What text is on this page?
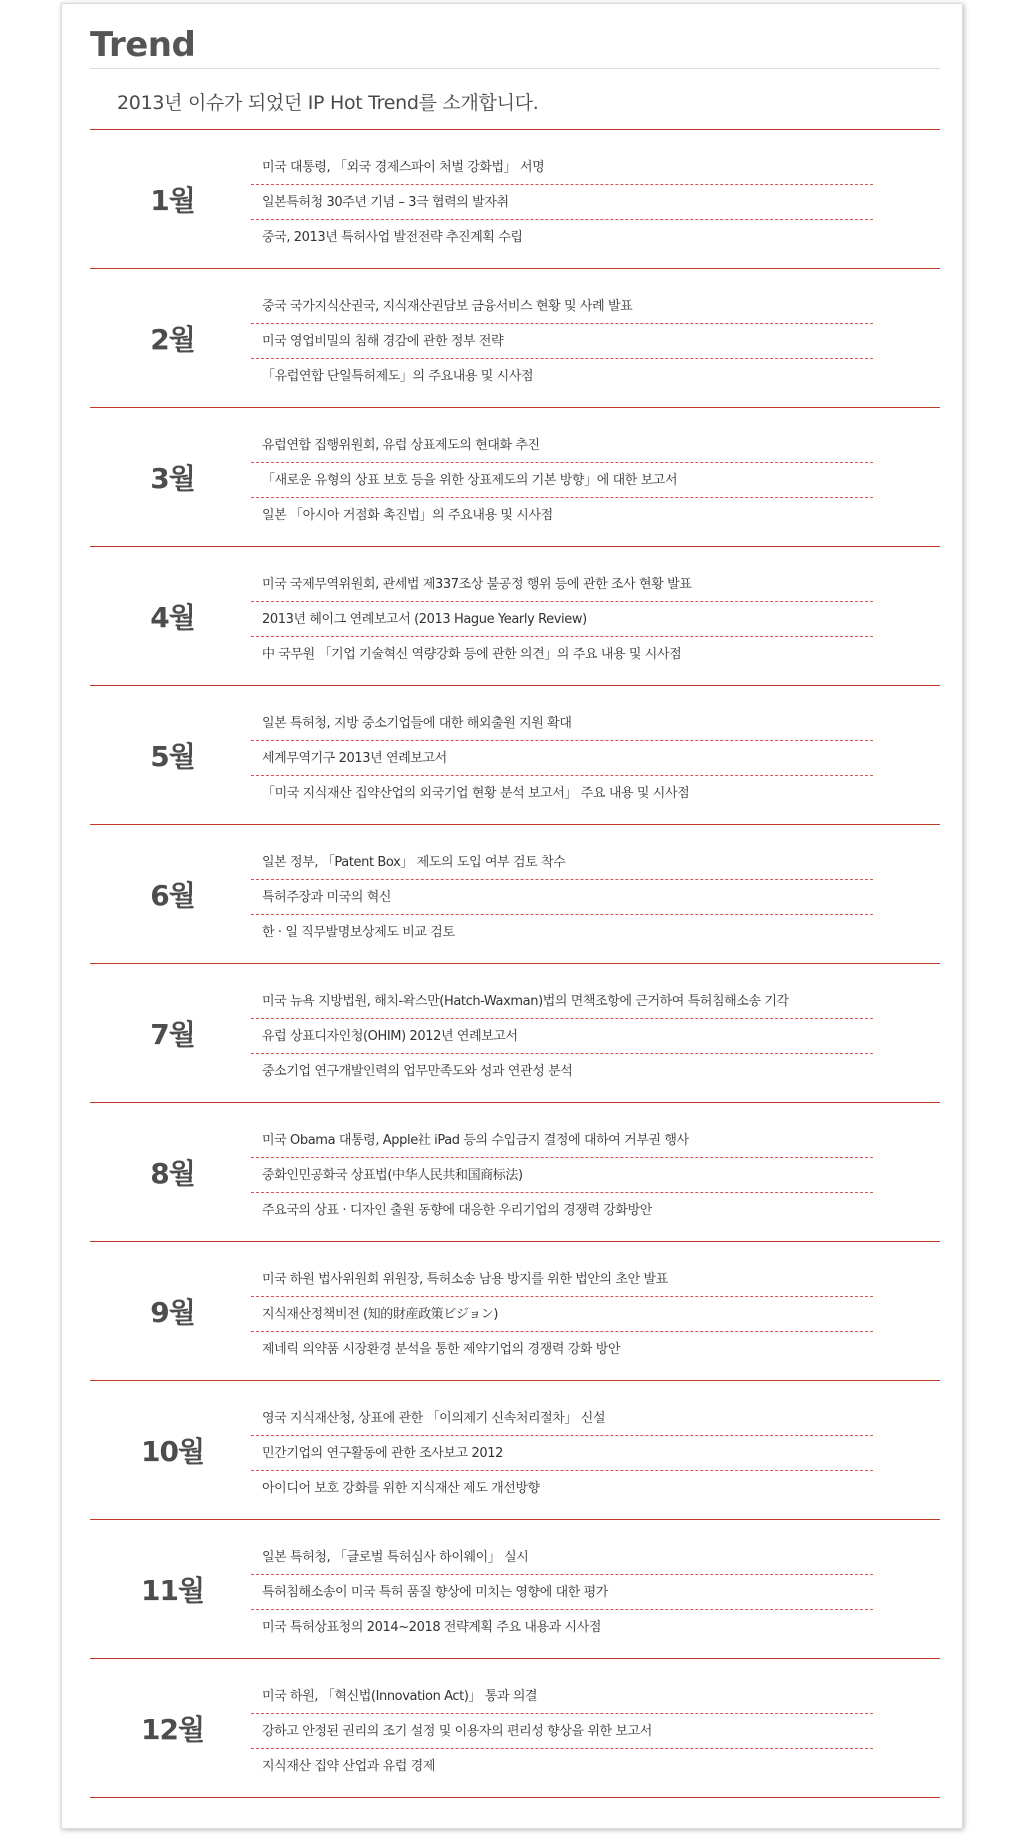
Trend

2013년 이슈가 되었던 IP Hot Trend를 소개합니다.

1월
미국 대통령, 「외국 경제스파이 처벌 강화법」 서명
일본특허청 30주년 기념 – 3극 협력의 발자취
중국, 2013년 특허사업 발전전략 추진계획 수립
2월
중국 국가지식산권국, 지식재산권담보 금융서비스 현황 및 사례 발표
미국 영업비밀의 침해 경감에 관한 정부 전략
「유럽연합 단일특허제도」의 주요내용 및 시사점
3월
유럽연합 집행위원회, 유럽 상표제도의 현대화 추진
「새로운 유형의 상표 보호 등을 위한 상표제도의 기본 방향」에 대한 보고서
일본 「아시아 거점화 촉진법」의 주요내용 및 시사점
4월
미국 국제무역위원회, 관세법 제337조상 불공정 행위 등에 관한 조사 현황 발표
2013년 헤이그 연례보고서 (2013 Hague Yearly Review)
中 국무원 「기업 기술혁신 역량강화 등에 관한 의견」의 주요 내용 및 시사점
5월
일본 특허청, 지방 중소기업들에 대한 해외출원 지원 확대
세계무역기구 2013년 연례보고서
「미국 지식재산 집약산업의 외국기업 현황 분석 보고서」 주요 내용 및 시사점
6월
일본 정부, 「Patent Box」 제도의 도입 여부 검토 착수
특허주장과 미국의 혁신
한 · 일 직무발명보상제도 비교 검토
7월
미국 뉴욕 지방법원, 해치-왁스만(Hatch-Waxman)법의 면책조항에 근거하여 특허침해소송 기각
유럽 상표디자인청(OHIM) 2012년 연례보고서
중소기업 연구개발인력의 업무만족도와 성과 연관성 분석
8월
미국 Obama 대통령, Apple社 iPad 등의 수입금지 결정에 대하여 거부권 행사
중화인민공화국 상표법(中华人民共和国商标法)
주요국의 상표 · 디자인 출원 동향에 대응한 우리기업의 경쟁력 강화방안
9월
미국 하원 법사위원회 위원장, 특허소송 남용 방지를 위한 법안의 초안 발표
지식재산정책비전 (知的財産政策ビジョン)
제네릭 의약품 시장환경 분석을 통한 제약기업의 경쟁력 강화 방안
10월
영국 지식재산청, 상표에 관한 「이의제기 신속처리절차」 신설
민간기업의 연구활동에 관한 조사보고 2012
아이디어 보호 강화를 위한 지식재산 제도 개선방향
11월
일본 특허청, 「글로벌 특허심사 하이웨이」 실시
특허침해소송이 미국 특허 품질 향상에 미치는 영향에 대한 평가
미국 특허상표청의 2014~2018 전략계획 주요 내용과 시사점
12월
미국 하원, 「혁신법(Innovation Act)」 통과 의결
강하고 안정된 권리의 조기 설정 및 이용자의 편리성 향상을 위한 보고서
지식재산 집약 산업과 유럽 경제
